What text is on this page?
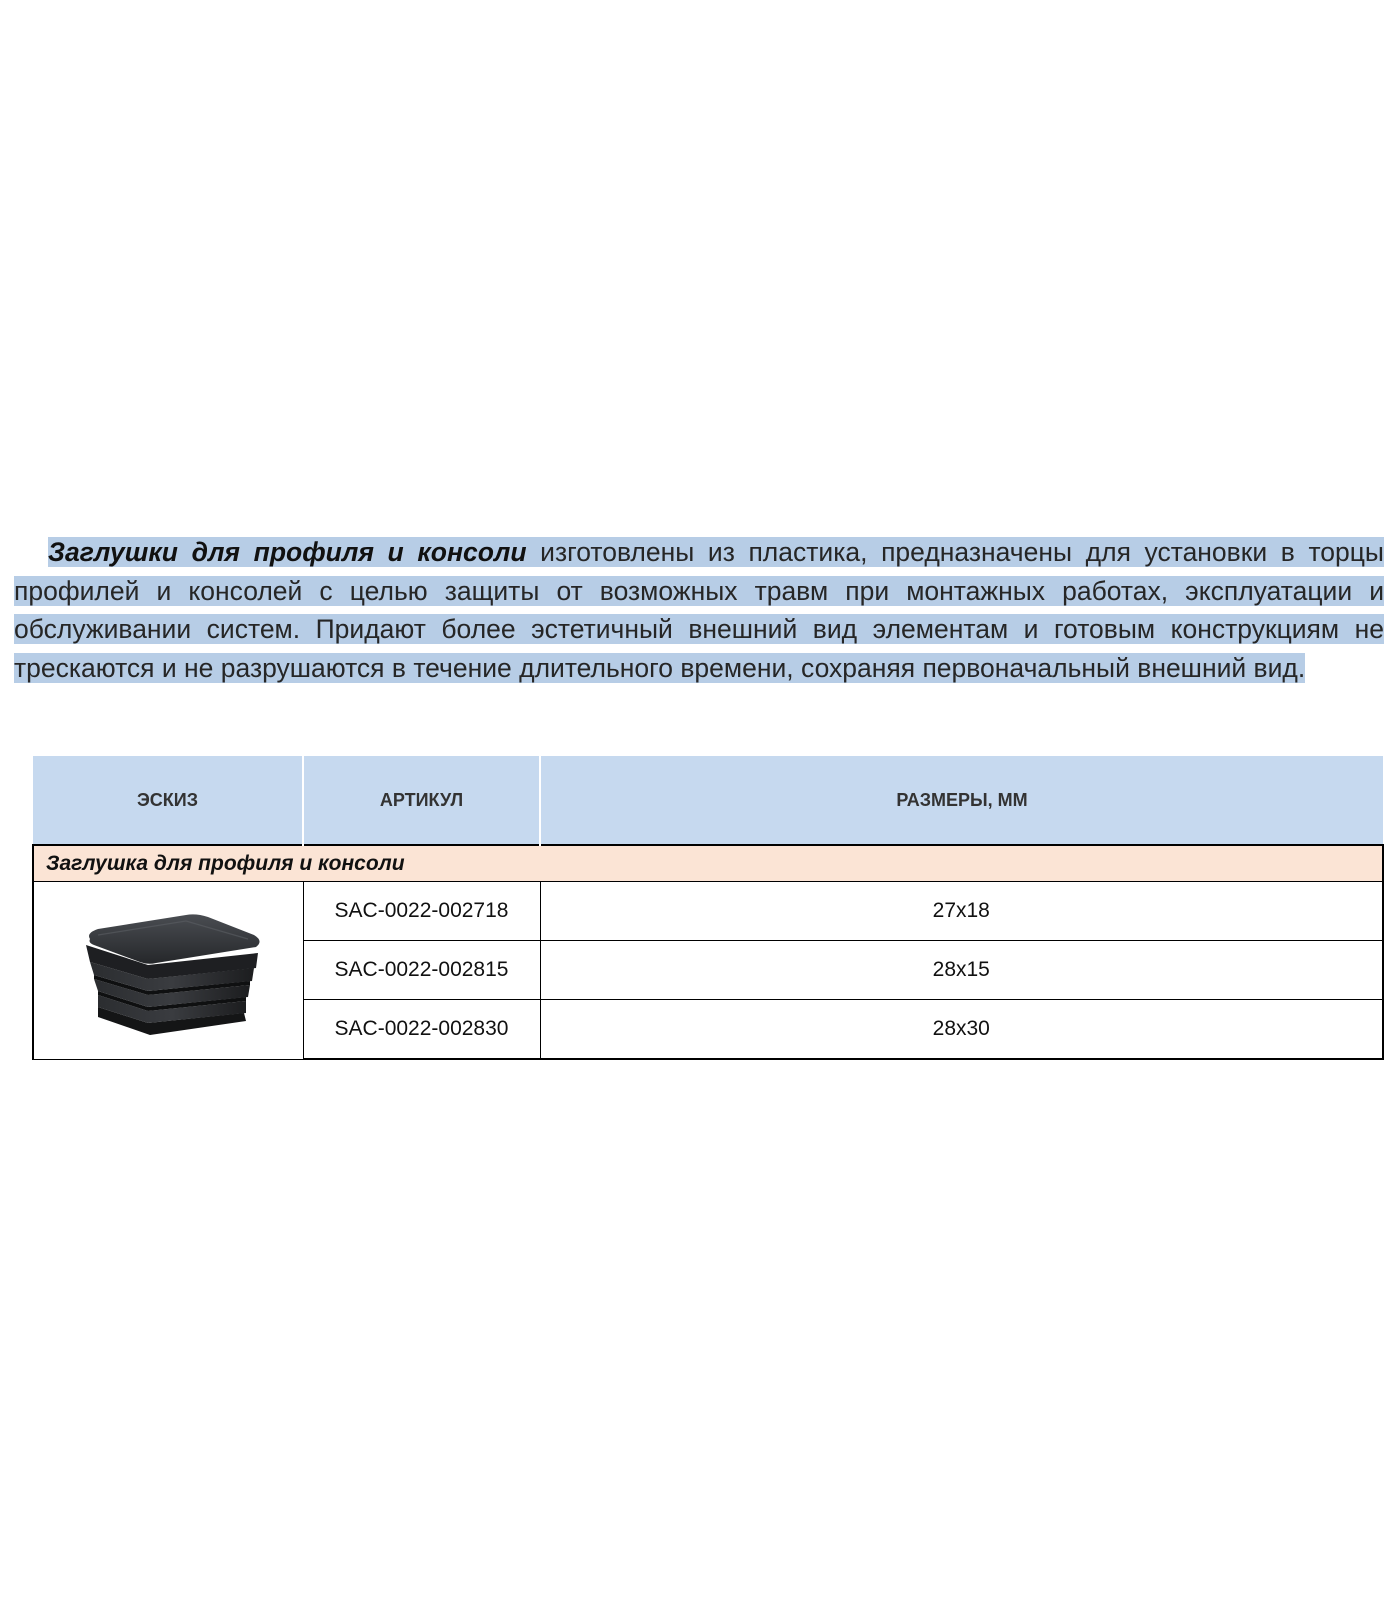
Заглушки для профиля и консоли изготовлены из пластика, предназначены для установки в торцы профилей и консолей с целью защиты от возможных травм при монтажных работах, эксплуатации и обслуживании систем. Придают более эстетичный внешний вид элементам и готовым конструкциям не трескаются и не разрушаются в течение длительного времени, сохраняя первоначальный внешний вид.

ЭСКИЗ	АРТИКУЛ	РАЗМЕРЫ, ММ
Заглушка для профиля и консоли		

	SAC-0022-002718	27x18
	SAC-0022-002815	28x15
	SAC-0022-002830	28x30
